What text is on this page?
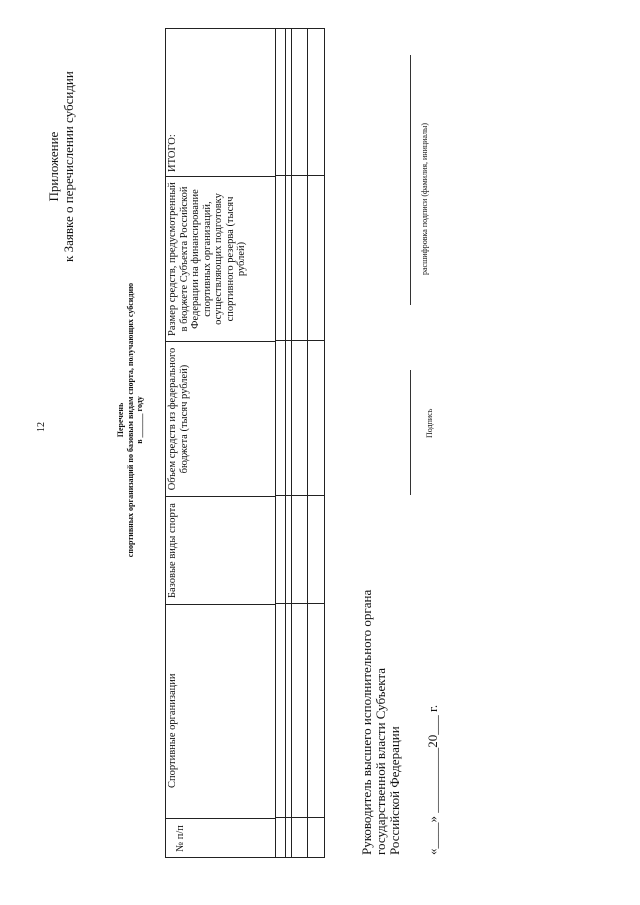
12
Приложение к Заявке о перечислении субсидии
Перечень спортивных организаций по базовым видам спорта, получающих субсидию в ______ году
№ п/п
Спортивные организации
Базовые виды спорта
Объем средств из федерального бюджета (тысяч рублей)
Размер средств, предусмотренный в бюджете Субъекта Российской Федерации на финансирование спортивных организаций, осуществляющих подготовку спортивного резерва (тысяч рублей)
ИТОГО:
Руководитель высшего исполнительного органа государственной власти Субъекта Российской Федерации
Подпись
расшифровка подписи (фамилия, инициалы)
«____» __________20___ г.
